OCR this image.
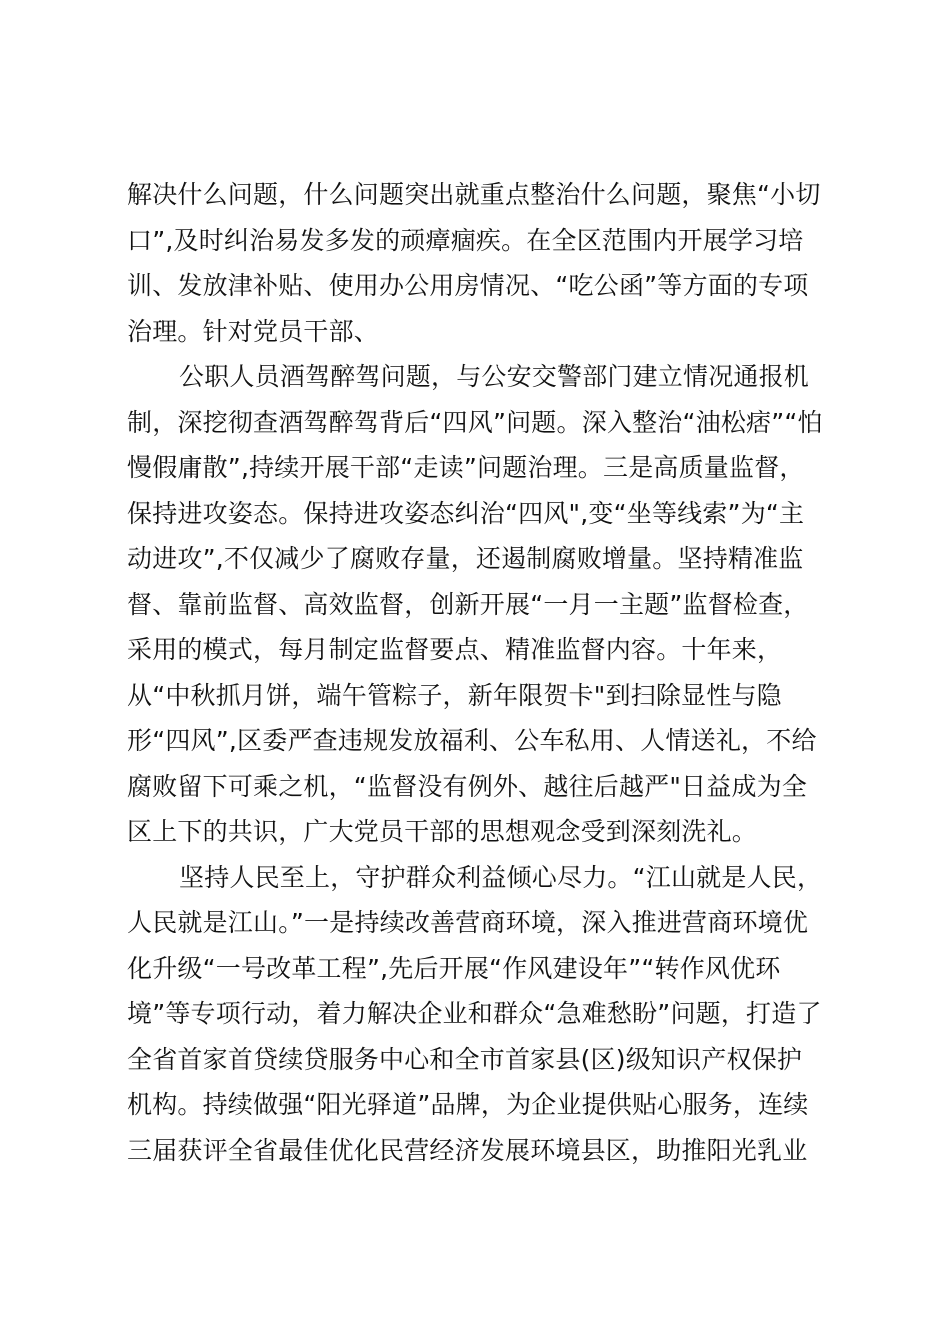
解决什么问题，什么问题突出就重点整治什么问题，聚焦“小切
口”,及时纠治易发多发的顽瘴痼疾。在全区范围内开展学习培
训、发放津补贴、使用办公用房情况、“吃公函”等方面的专项
治理。针对党员干部、
公职人员酒驾醉驾问题，与公安交警部门建立情况通报机
制，深挖彻查酒驾醉驾背后“四风”问题。深入整治“油松痞”“怕
慢假庸散”,持续开展干部“走读”问题治理。三是高质量监督，
保持进攻姿态。保持进攻姿态纠治“四风",变“坐等线索”为“主
动进攻”,不仅减少了腐败存量，还遏制腐败增量。坚持精准监
督、靠前监督、高效监督，创新开展“一月一主题”监督检查，
采用的模式，每月制定监督要点、精准监督内容。十年来，
从“中秋抓月饼，端午管粽子，新年限贺卡"到扫除显性与隐
形“四风”,区委严查违规发放福利、公车私用、人情送礼，不给
腐败留下可乘之机，“监督没有例外、越往后越严"日益成为全
区上下的共识，广大党员干部的思想观念受到深刻洗礼。
坚持人民至上，守护群众利益倾心尽力。“江山就是人民，
人民就是江山。”一是持续改善营商环境，深入推进营商环境优
化升级“一号改革工程”,先后开展“作风建设年”“转作风优环
境”等专项行动，着力解决企业和群众“急难愁盼”问题，打造了
全省首家首贷续贷服务中心和全市首家县(区)级知识产权保护
机构。持续做强“阳光驿道”品牌，为企业提供贴心服务，连续
三届获评全省最佳优化民营经济发展环境县区，助推阳光乳业
